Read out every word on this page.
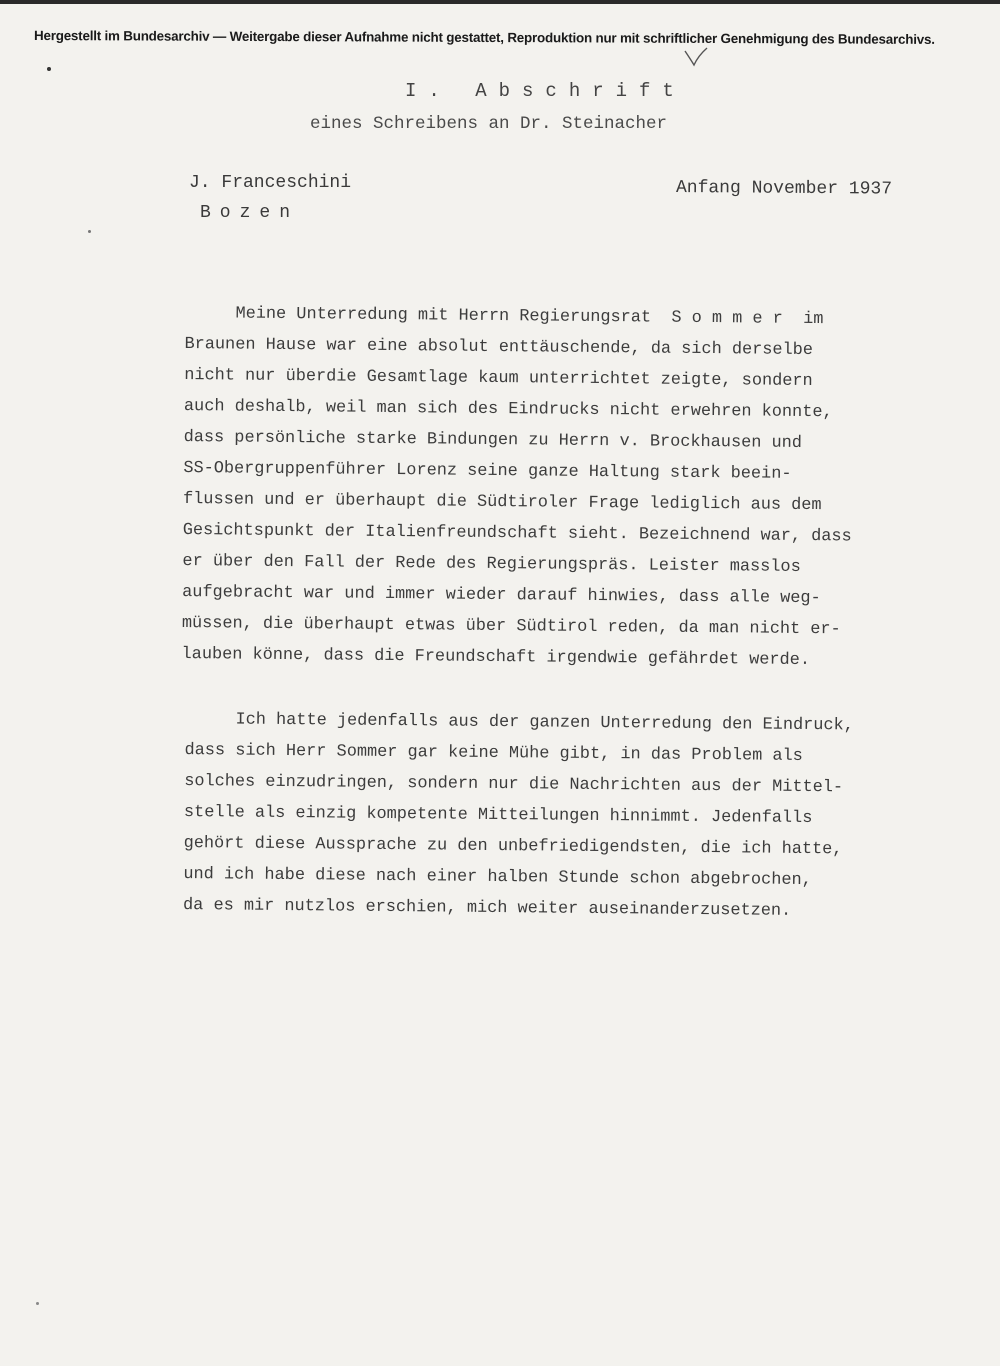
Hergestellt im Bundesarchiv — Weitergabe dieser Aufnahme nicht gestattet, Reproduktion nur mit schriftlicher Genehmigung des Bundesarchivs.
I. Abschrift
eines Schreibens an Dr. Steinacher
J. Franceschini
Bozen
Anfang November 1937
Meine Unterredung mit Herrn Regierungsrat  S o m m e r  im
Braunen Hause war eine absolut enttäuschende, da sich derselbe
nicht nur überdie Gesamtlage kaum unterrichtet zeigte, sondern
auch deshalb, weil man sich des Eindrucks nicht erwehren konnte,
dass persönliche starke Bindungen zu Herrn v. Brockhausen und
SS-Obergruppenführer Lorenz seine ganze Haltung stark beein-
flussen und er überhaupt die Südtiroler Frage lediglich aus dem
Gesichtspunkt der Italienfreundschaft sieht. Bezeichnend war, dass
er über den Fall der Rede des Regierungspräs. Leister masslos
aufgebracht war und immer wieder darauf hinwies, dass alle weg-
müssen, die überhaupt etwas über Südtirol reden, da man nicht er-
lauben könne, dass die Freundschaft irgendwie gefährdet werde.
Ich hatte jedenfalls aus der ganzen Unterredung den Eindruck,
dass sich Herr Sommer gar keine Mühe gibt, in das Problem als
solches einzudringen, sondern nur die Nachrichten aus der Mittel-
stelle als einzig kompetente Mitteilungen hinnimmt. Jedenfalls
gehört diese Aussprache zu den unbefriedigendsten, die ich hatte,
und ich habe diese nach einer halben Stunde schon abgebrochen,
da es mir nutzlos erschien, mich weiter auseinanderzusetzen.
